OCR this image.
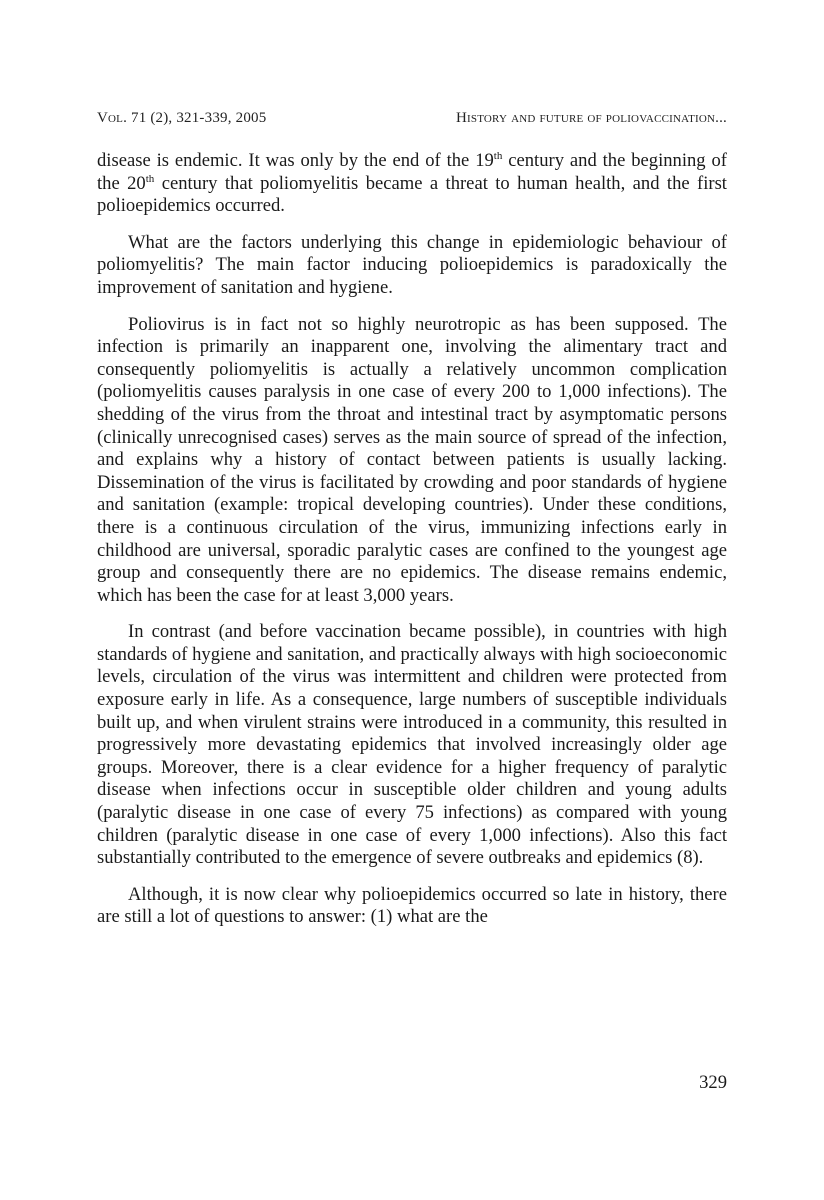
Vol. 71 (2), 321-339, 2005	History and future of poliovaccination...

disease is endemic. It was only by the end of the 19th century and the beginning of the 20th century that poliomyelitis became a threat to human health, and the first polioepidemics occurred.

What are the factors underlying this change in epidemiologic behaviour of poliomyelitis? The main factor inducing polioepidemics is paradoxically the improvement of sanitation and hygiene.

Poliovirus is in fact not so highly neurotropic as has been supposed. The infection is primarily an inapparent one, involving the alimentary tract and consequently poliomyelitis is actually a relatively uncommon complication (poliomyelitis causes paralysis in one case of every 200 to 1,000 infections). The shedding of the virus from the throat and intestinal tract by asymptomatic persons (clinically unrecognised cases) serves as the main source of spread of the infection, and explains why a history of contact between patients is usually lacking. Dissemination of the virus is facilitated by crowding and poor standards of hygiene and sanitation (example: tropical developing countries). Under these conditions, there is a continuous circulation of the virus, immunizing infections early in childhood are universal, sporadic paralytic cases are confined to the youngest age group and consequently there are no epidemics. The disease remains endemic, which has been the case for at least 3,000 years.

In contrast (and before vaccination became possible), in countries with high standards of hygiene and sanitation, and practically always with high socioeconomic levels, circulation of the virus was intermittent and children were protected from exposure early in life. As a consequence, large numbers of susceptible individuals built up, and when virulent strains were introduced in a community, this resulted in progressively more devastating epidemics that involved increasingly older age groups. Moreover, there is a clear evidence for a higher frequency of paralytic disease when infections occur in susceptible older children and young adults (paralytic disease in one case of every 75 infections) as compared with young children (paralytic disease in one case of every 1,000 infections). Also this fact substantially contributed to the emergence of severe outbreaks and epidemics (8).

Although, it is now clear why polioepidemics occurred so late in history, there are still a lot of questions to answer: (1) what are the

329
